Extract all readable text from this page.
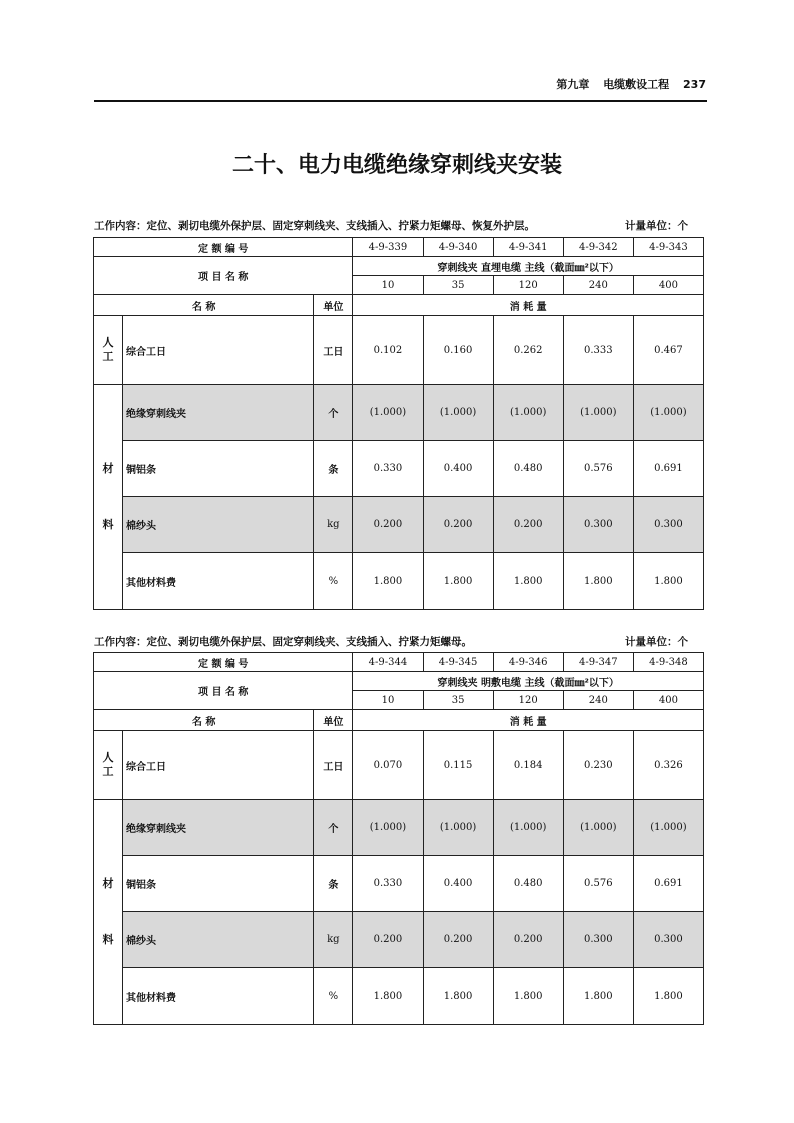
第九章 电缆敷设工程 237
二十、电力电缆绝缘穿刺线夹安装
工作内容：定位、剥切电缆外保护层、固定穿刺线夹、支线插入、拧紧力矩螺母、恢复外护层。	计量单位：个
定 额 编 号			4-9-339	4-9-340	4-9-341	4-9-342	4-9-343
项 目 名 称			穿刺线夹 直埋电缆 主线（截面㎜²以下）				
			10	35	120	240	400
名 称		单位	消 耗 量				
人
工	综合工日	工日	0.102	0.160	0.262	0.333	0.467
材

料	绝缘穿刺线夹	个	(1.000)	(1.000)	(1.000)	(1.000)	(1.000)
	铜铝条	条	0.330	0.400	0.480	0.576	0.691
	棉纱头	kg	0.200	0.200	0.200	0.300	0.300
	其他材料费	%	1.800	1.800	1.800	1.800	1.800
工作内容：定位、剥切电缆外保护层、固定穿刺线夹、支线插入、拧紧力矩螺母。	计量单位：个
定 额 编 号			4-9-344	4-9-345	4-9-346	4-9-347	4-9-348
项 目 名 称			穿刺线夹 明敷电缆 主线（截面㎜²以下）				
			10	35	120	240	400
名 称		单位	消 耗 量				
人
工	综合工日	工日	0.070	0.115	0.184	0.230	0.326
材

料	绝缘穿刺线夹	个	(1.000)	(1.000)	(1.000)	(1.000)	(1.000)
	铜铝条	条	0.330	0.400	0.480	0.576	0.691
	棉纱头	kg	0.200	0.200	0.200	0.300	0.300
	其他材料费	%	1.800	1.800	1.800	1.800	1.800
